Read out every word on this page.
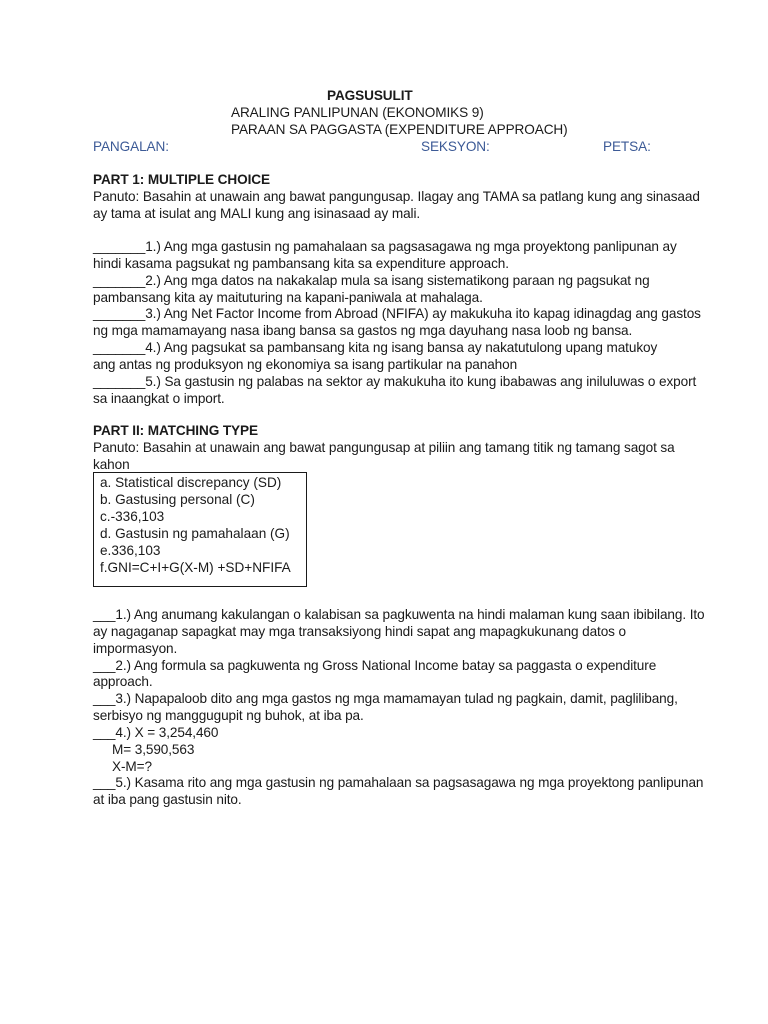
PAGSUSULIT
ARALING PANLIPUNAN (EKONOMIKS 9)
PARAAN SA PAGGASTA (EXPENDITURE APPROACH)
PANGALAN:	SEKSYON:	PETSA:
PART 1: MULTIPLE CHOICE
Panuto: Basahin at unawain ang bawat pangungusap. Ilagay ang TAMA sa patlang kung ang sinasaad
ay tama at isulat ang MALI kung ang isinasaad ay mali.
_______1.) Ang mga gastusin ng pamahalaan sa pagsasagawa ng mga proyektong panlipunan ay
hindi kasama pagsukat ng pambansang kita sa expenditure approach.
_______2.) Ang mga datos na nakakalap mula sa isang sistematikong paraan ng pagsukat ng
pambansang kita ay maituturing na kapani-paniwala at mahalaga.
_______3.) Ang Net Factor Income from Abroad (NFIFA) ay makukuha ito kapag idinagdag ang gastos
ng mga mamamayang nasa ibang bansa sa gastos ng mga dayuhang nasa loob ng bansa.
_______4.) Ang pagsukat sa pambansang kita ng isang bansa ay nakatutulong upang matukoy
ang antas ng produksyon ng ekonomiya sa isang partikular na panahon
_______5.) Sa gastusin ng palabas na sektor ay makukuha ito kung ibabawas ang iniluluwas o export
sa inaangkat o import.
PART II: MATCHING TYPE
Panuto: Basahin at unawain ang bawat pangungusap at piliin ang tamang titik ng tamang sagot sa
kahon
a. Statistical discrepancy (SD)
b. Gastusing personal (C)
c.-336,103
d. Gastusin ng pamahalaan (G)
e.336,103
f.GNI=C+I+G(X-M) +SD+NFIFA
___1.) Ang anumang kakulangan o kalabisan sa pagkuwenta na hindi malaman kung saan ibibilang. Ito
ay nagaganap sapagkat may mga transaksiyong hindi sapat ang mapagkukunang datos o
impormasyon.
___2.) Ang formula sa pagkuwenta ng Gross National Income batay sa paggasta o expenditure
approach.
___3.) Napapaloob dito ang mga gastos ng mga mamamayan tulad ng pagkain, damit, paglilibang,
serbisyo ng manggugupit ng buhok, at iba pa.
___4.) X = 3,254,460
M= 3,590,563
X-M=?
___5.) Kasama rito ang mga gastusin ng pamahalaan sa pagsasagawa ng mga proyektong panlipunan
at iba pang gastusin nito.
